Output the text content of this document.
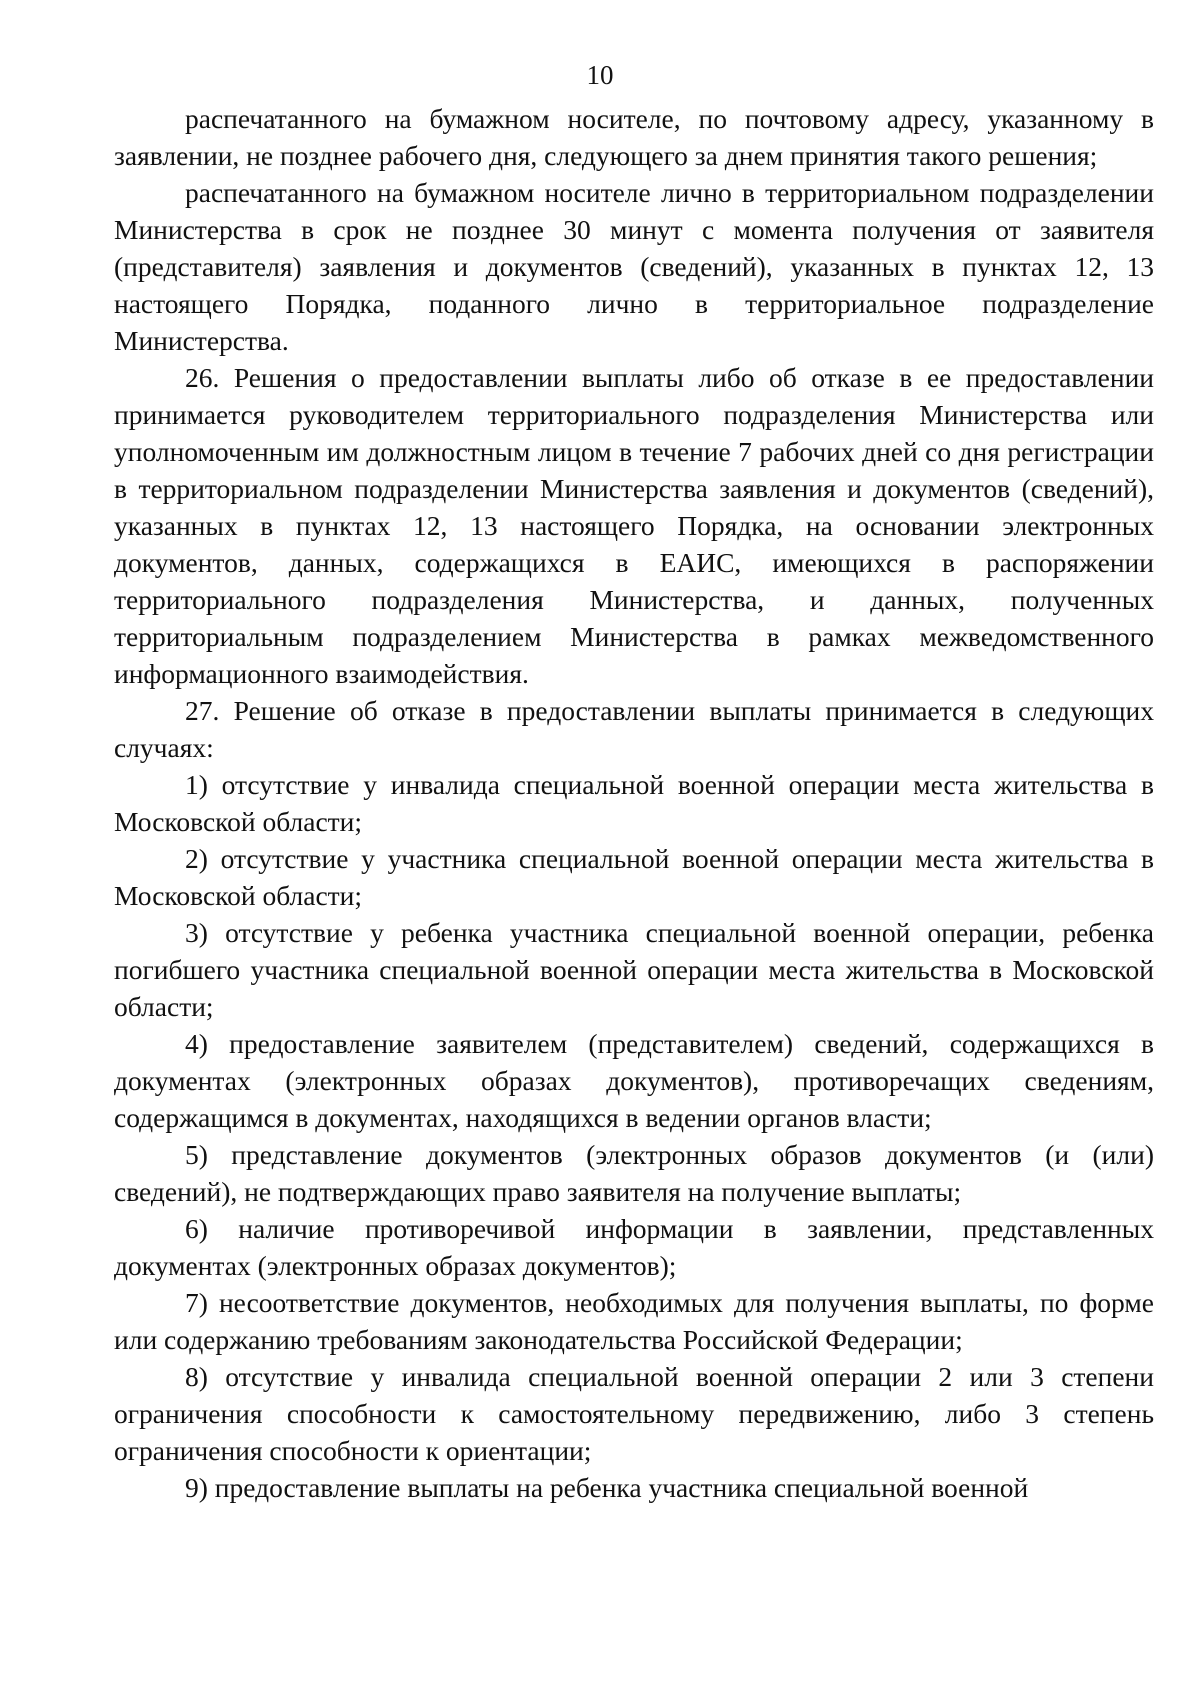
10

распечатанного на бумажном носителе, по почтовому адресу, указанному в заявлении, не позднее рабочего дня, следующего за днем принятия такого решения;

распечатанного на бумажном носителе лично в территориальном подразделении Министерства в срок не позднее 30 минут с момента получения от заявителя (представителя) заявления и документов (сведений), указанных в пунктах 12, 13 настоящего Порядка, поданного лично в территориальное подразделение Министерства.

26. Решения о предоставлении выплаты либо об отказе в ее предоставлении принимается руководителем территориального подразделения Министерства или уполномоченным им должностным лицом в течение 7 рабочих дней со дня регистрации в территориальном подразделении Министерства заявления и документов (сведений), указанных в пунктах 12, 13 настоящего Порядка, на основании электронных документов, данных, содержащихся в ЕАИС, имеющихся в распоряжении территориального подразделения Министерства, и данных, полученных территориальным подразделением Министерства в рамках межведомственного информационного взаимодействия.

27. Решение об отказе в предоставлении выплаты принимается в следующих случаях:

1) отсутствие у инвалида специальной военной операции места жительства в Московской области;

2) отсутствие у участника специальной военной операции места жительства в Московской области;

3) отсутствие у ребенка участника специальной военной операции, ребенка погибшего участника специальной военной операции места жительства в Московской области;

4) предоставление заявителем (представителем) сведений, содержащихся в документах (электронных образах документов), противоречащих сведениям, содержащимся в документах, находящихся в ведении органов власти;

5) представление документов (электронных образов документов (и (или) сведений), не подтверждающих право заявителя на получение выплаты;

6) наличие противоречивой информации в заявлении, представленных документах (электронных образах документов);

7) несоответствие документов, необходимых для получения выплаты, по форме или содержанию требованиям законодательства Российской Федерации;

8) отсутствие у инвалида специальной военной операции 2 или 3 степени ограничения способности к самостоятельному передвижению, либо 3 степень ограничения способности к ориентации;

9) предоставление выплаты на ребенка участника специальной военной
